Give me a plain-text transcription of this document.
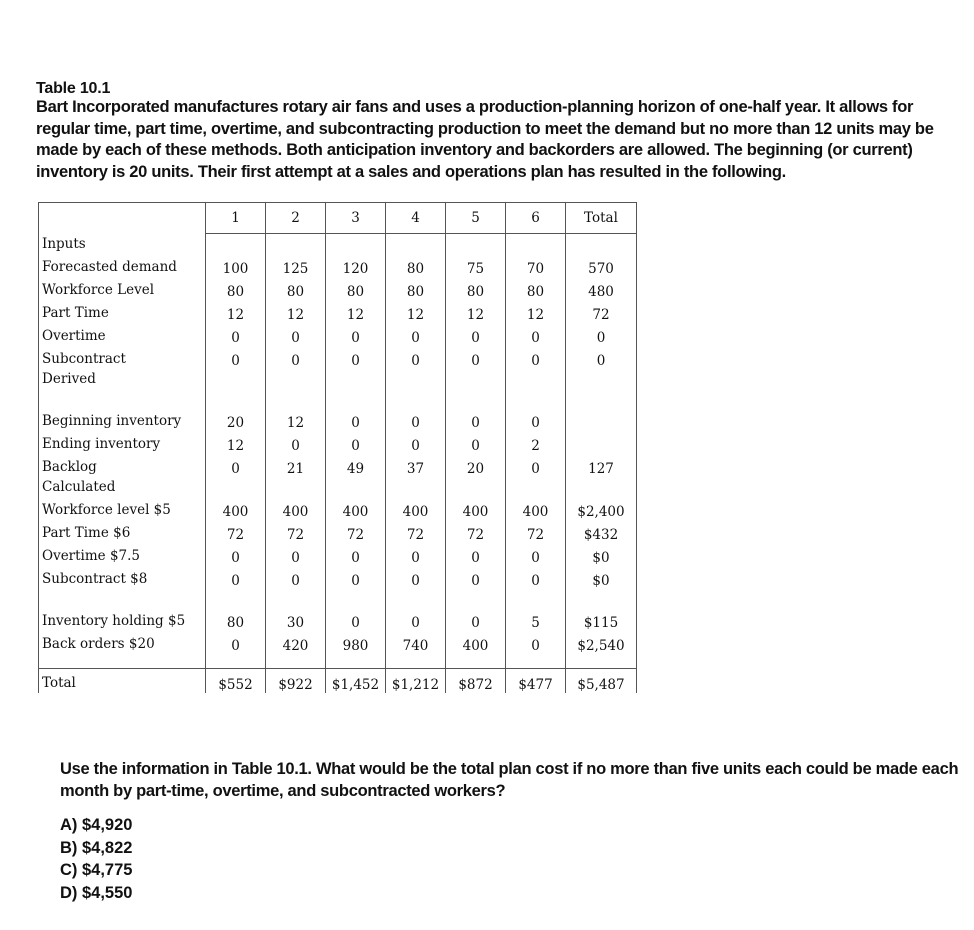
Table 10.1
Bart Incorporated manufactures rotary air fans and uses a production-planning horizon of one-half year. It allows for regular time, part time, overtime, and subcontracting production to meet the demand but no more than 12 units may be made by each of these methods. Both anticipation inventory and backorders are allowed. The beginning (or current) inventory is 20 units. Their first attempt at a sales and operations plan has resulted in the following.
	1	2	3	4	5	6	Total
Inputs							
Forecasted demand	100	125	120	80	75	70	570
Workforce Level	80	80	80	80	80	80	480
Part Time	12	12	12	12	12	12	72
Overtime	0	0	0	0	0	0	0
Subcontract	0	0	0	0	0	0	0
Derived							
Beginning inventory	20	12	0	0	0	0	
Ending inventory	12	0	0	0	0	2	
Backlog	0	21	49	37	20	0	127
Calculated							
Workforce level $5	400	400	400	400	400	400	$2,400
Part Time $6	72	72	72	72	72	72	$432
Overtime $7.5	0	0	0	0	0	0	$0
Subcontract $8	0	0	0	0	0	0	$0
Inventory holding $5	80	30	0	0	0	5	$115
Back orders $20	0	420	980	740	400	0	$2,540

Total	$552	$922	$1,452	$1,212	$872	$477	$5,487
Use the information in Table 10.1. What would be the total plan cost if no more than five units each could be made each month by part-time, overtime, and subcontracted workers?
A) $4,920
B) $4,822
C) $4,775
D) $4,550
